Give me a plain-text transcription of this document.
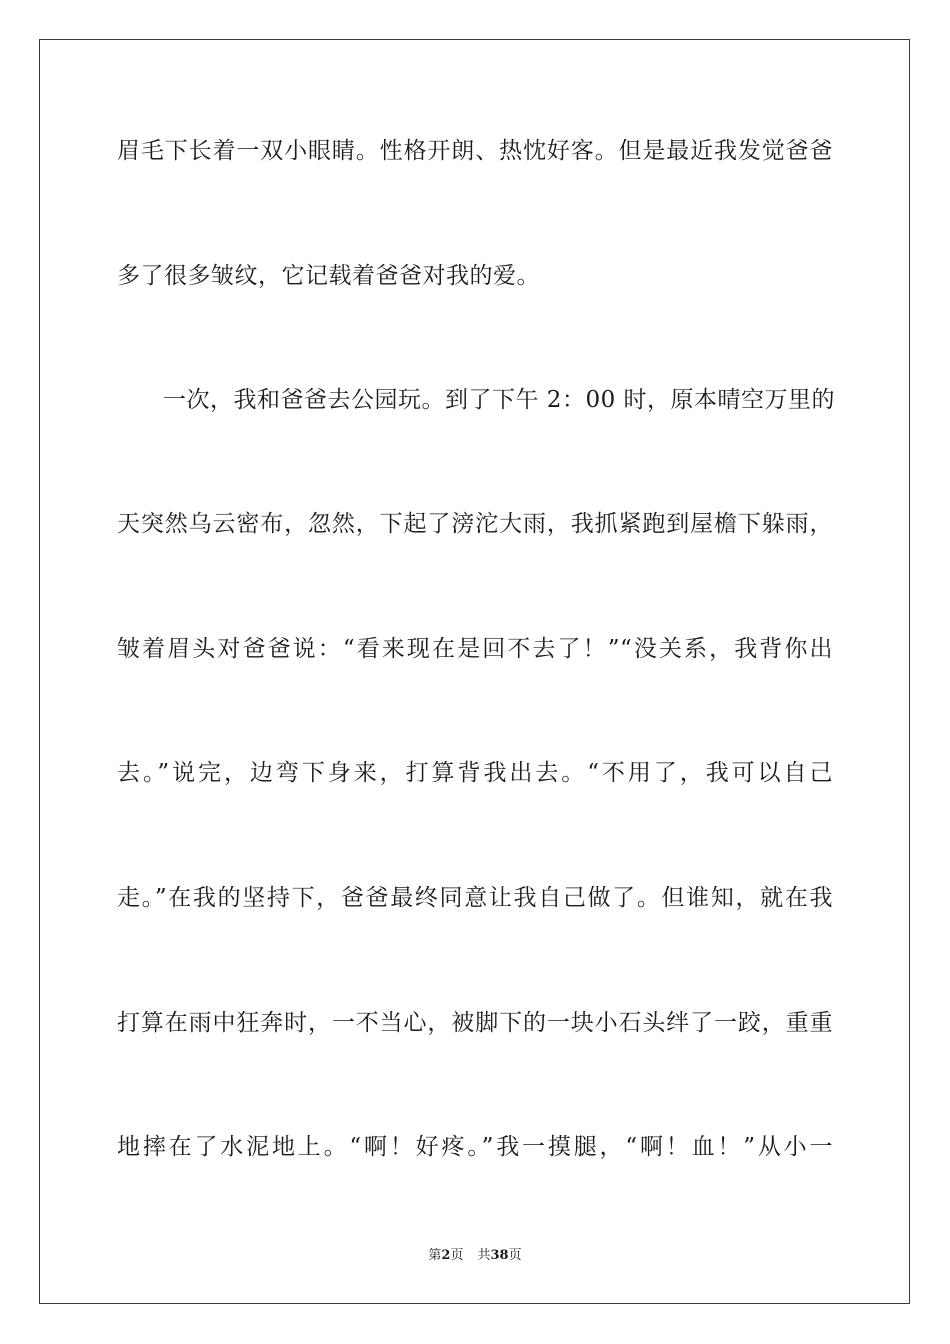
眉毛下长着一双小眼睛。性格开朗、热忱好客。但是最近我发觉爸爸
多了很多皱纹，它记载着爸爸对我的爱。
一次，我和爸爸去公园玩。到了下午 2：00 时，原本晴空万里的
天突然乌云密布，忽然，下起了滂沱大雨，我抓紧跑到屋檐下躲雨，
皱着眉头对爸爸说：“看来现在是回不去了！”“没关系，我背你出
去。”说完，边弯下身来，打算背我出去。“不用了，我可以自己
走。”在我的坚持下，爸爸最终同意让我自己做了。但谁知，就在我
打算在雨中狂奔时，一不当心，被脚下的一块小石头绊了一跤，重重
地摔在了水泥地上。“啊！好疼。”我一摸腿，“啊！血！”从小一
第2页 共38页
